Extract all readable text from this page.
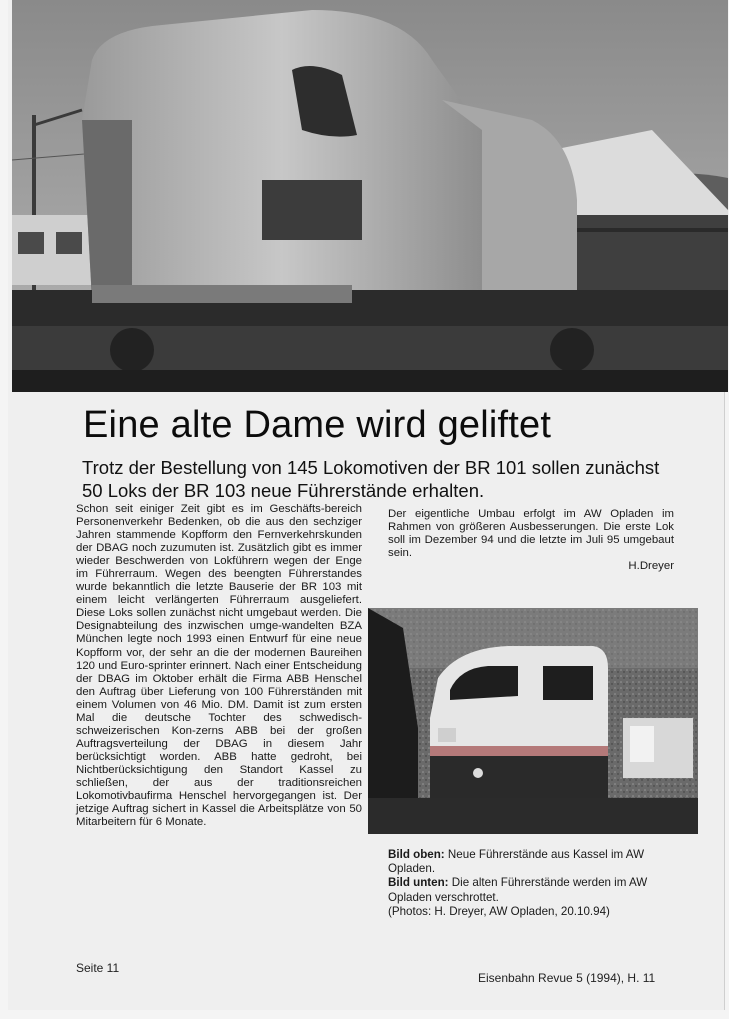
Eine alte Dame wird geliftet

Trotz der Bestellung von 145 Lokomotiven der BR 101 sollen zunächst 50 Loks der BR 103 neue Führerstände erhalten.

Schon seit einiger Zeit gibt es im Geschäfts-bereich Personenverkehr Bedenken, ob die aus den sechziger Jahren stammende Kopfform den Fernverkehrskunden der DBAG noch zuzumuten ist. Zusätzlich gibt es immer wieder Beschwerden von Lokführern wegen der Enge im Führerraum. Wegen des beengten Führerstandes wurde bekanntlich die letzte Bauserie der BR 103 mit einem leicht verlängerten Führerraum ausgeliefert. Diese Loks sollen zunächst nicht umgebaut werden. Die Designabteilung des inzwischen umge-wandelten BZA München legte noch 1993 einen Entwurf für eine neue Kopfform vor, der sehr an die der modernen Baureihen 120 und Euro-sprinter erinnert. Nach einer Entscheidung der DBAG im Oktober erhält die Firma ABB Henschel den Auftrag über Lieferung von 100 Führerständen mit einem Volumen von 46 Mio. DM. Damit ist zum ersten Mal die deutsche Tochter des schwedisch-schweizerischen Kon-zerns ABB bei der großen Auftragsverteilung der DBAG in diesem Jahr berücksichtigt worden. ABB hatte gedroht, bei Nichtberücksichtigung den Standort Kassel zu schließen, der aus der traditionsreichen Lokomotivbaufirma Henschel hervorgegangen ist. Der jetzige Auftrag sichert in Kassel die Arbeitsplätze von 50 Mitarbeitern für 6 Monate.
Der eigentliche Umbau erfolgt im AW Opladen im Rahmen von größeren Ausbesserungen. Die erste Lok soll im Dezember 94 und die letzte im Juli 95 umgebaut sein.
H.Dreyer
Bild oben: Neue Führerstände aus Kassel im AW Opladen.
Bild unten: Die alten Führerstände werden im AW Opladen verschrottet.
(Photos: H. Dreyer, AW Opladen, 20.10.94)
Seite 11
Eisenbahn Revue 5 (1994), H. 11
